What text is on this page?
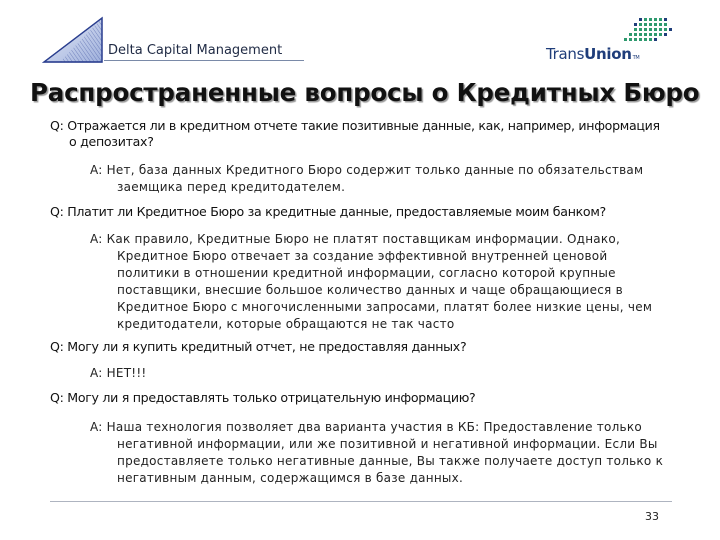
Delta Capital Management	TransUnionTM
Распространенные вопросы о Кредитных Бюро

Q: Отражается ли в кредитном отчете такие позитивные данные, как, например, информация о депозитах?

A: Нет, база данных Кредитного Бюро содержит только данные по обязательствам заемщика перед кредитодателем.

Q: Платит ли Кредитное Бюро за кредитные данные, предоставляемые моим банком?

A: Как правило, Кредитные Бюро не платят поставщикам информации. Однако, Кредитное Бюро отвечает за создание эффективной внутренней ценовой политики в отношении кредитной информации, согласно которой крупные поставщики, внесшие большое количество данных и чаще обращающиеся в Кредитное Бюро с многочисленными запросами, платят более низкие цены, чем кредитодатели, которые обращаются не так часто

Q: Могу ли я купить кредитный отчет, не предоставляя данных?

A: НЕТ!!!

Q: Могу ли я предоставлять только отрицательную информацию?

A: Наша технология позволяет два варианта участия в КБ: Предоставление только негативной информации, или же позитивной и негативной информации. Если Вы предоставляете только негативные данные, Вы также получаете доступ только к негативным данным, содержащимся в базе данных.

33
